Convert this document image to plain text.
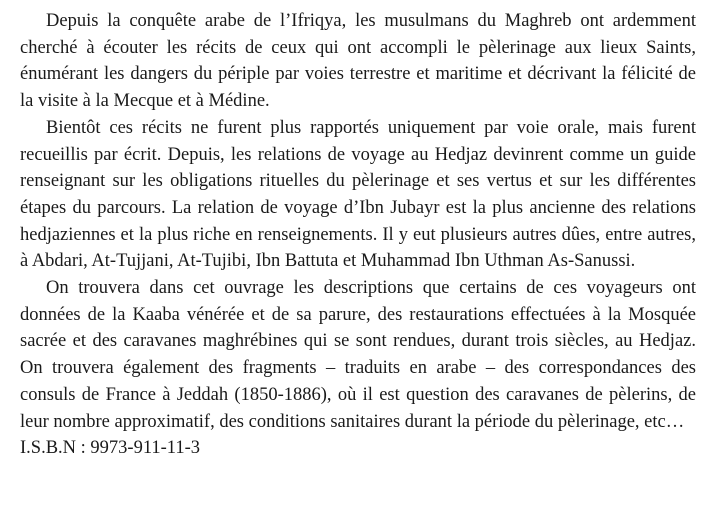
Depuis la conquête arabe de l’Ifriqya, les musulmans du Maghreb ont ardemment cherché à écouter les récits de ceux qui ont accompli le pèlerinage aux lieux Saints, énumérant les dangers du périple par voies terrestre et maritime et décrivant la félicité de la visite à la Mecque et à Médine.

Bientôt ces récits ne furent plus rapportés uniquement par voie orale, mais furent recueillis par écrit. Depuis, les relations de voyage au Hedjaz devinrent comme un guide renseignant sur les obligations rituelles du pèlerinage et ses vertus et sur les différentes étapes du parcours. La relation de voyage d’Ibn Jubayr est la plus ancienne des relations hedjaziennes et la plus riche en renseignements. Il y eut plusieurs autres dûes, entre autres, à Abdari, At-Tujjani, At-Tujibi, Ibn Battuta et Muhammad Ibn Uthman As-Sanussi.

On trouvera dans cet ouvrage les descriptions que certains de ces voyageurs ont données de la Kaaba vénérée et de sa parure, des restaurations effectuées à la Mosquée sacrée et des caravanes maghrébines qui se sont rendues, durant trois siècles, au Hedjaz. On trouvera également des fragments – traduits en arabe – des correspondances des consuls de France à Jeddah (1850-1886), où il est question des caravanes de pèlerins, de leur nombre approximatif, des conditions sanitaires durant la période du pèlerinage, etc…

I.S.B.N : 9973-911-11-3
